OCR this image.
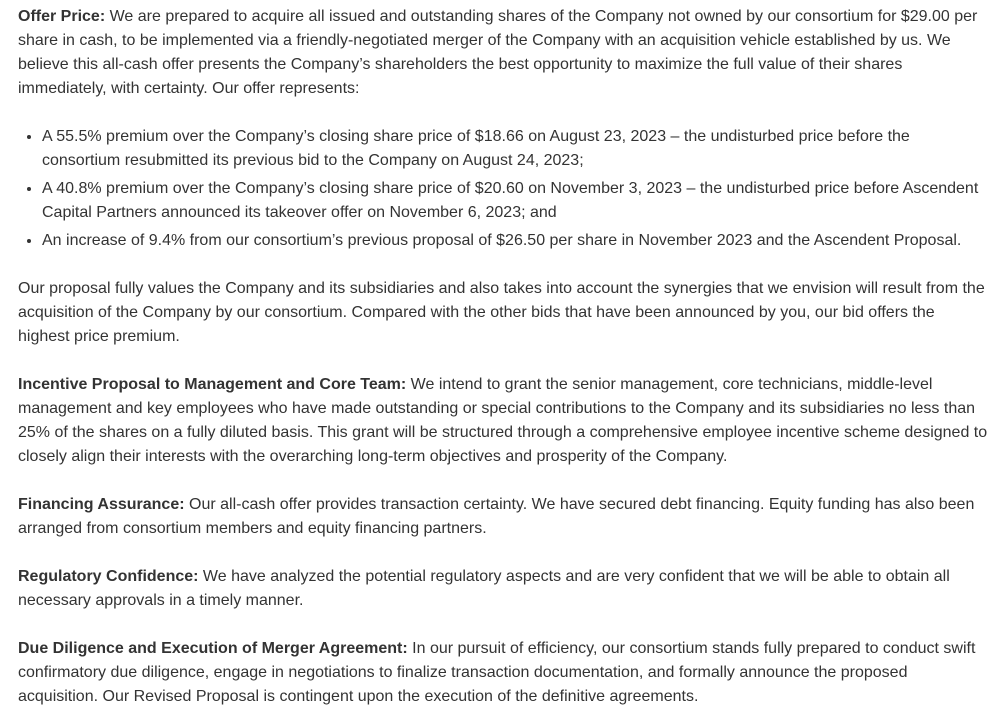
Offer Price: We are prepared to acquire all issued and outstanding shares of the Company not owned by our consortium for $29.00 per share in cash, to be implemented via a friendly-negotiated merger of the Company with an acquisition vehicle established by us. We believe this all-cash offer presents the Company’s shareholders the best opportunity to maximize the full value of their shares immediately, with certainty. Our offer represents:

• A 55.5% premium over the Company’s closing share price of $18.66 on August 23, 2023 – the undisturbed price before the consortium resubmitted its previous bid to the Company on August 24, 2023;
• A 40.8% premium over the Company’s closing share price of $20.60 on November 3, 2023 – the undisturbed price before Ascendent Capital Partners announced its takeover offer on November 6, 2023; and
• An increase of 9.4% from our consortium’s previous proposal of $26.50 per share in November 2023 and the Ascendent Proposal.

Our proposal fully values the Company and its subsidiaries and also takes into account the synergies that we envision will result from the acquisition of the Company by our consortium. Compared with the other bids that have been announced by you, our bid offers the highest price premium.

Incentive Proposal to Management and Core Team: We intend to grant the senior management, core technicians, middle-level management and key employees who have made outstanding or special contributions to the Company and its subsidiaries no less than 25% of the shares on a fully diluted basis. This grant will be structured through a comprehensive employee incentive scheme designed to closely align their interests with the overarching long-term objectives and prosperity of the Company.

Financing Assurance: Our all-cash offer provides transaction certainty. We have secured debt financing. Equity funding has also been arranged from consortium members and equity financing partners.

Regulatory Confidence: We have analyzed the potential regulatory aspects and are very confident that we will be able to obtain all necessary approvals in a timely manner.

Due Diligence and Execution of Merger Agreement: In our pursuit of efficiency, our consortium stands fully prepared to conduct swift confirmatory due diligence, engage in negotiations to finalize transaction documentation, and formally announce the proposed acquisition. Our Revised Proposal is contingent upon the execution of the definitive agreements.
